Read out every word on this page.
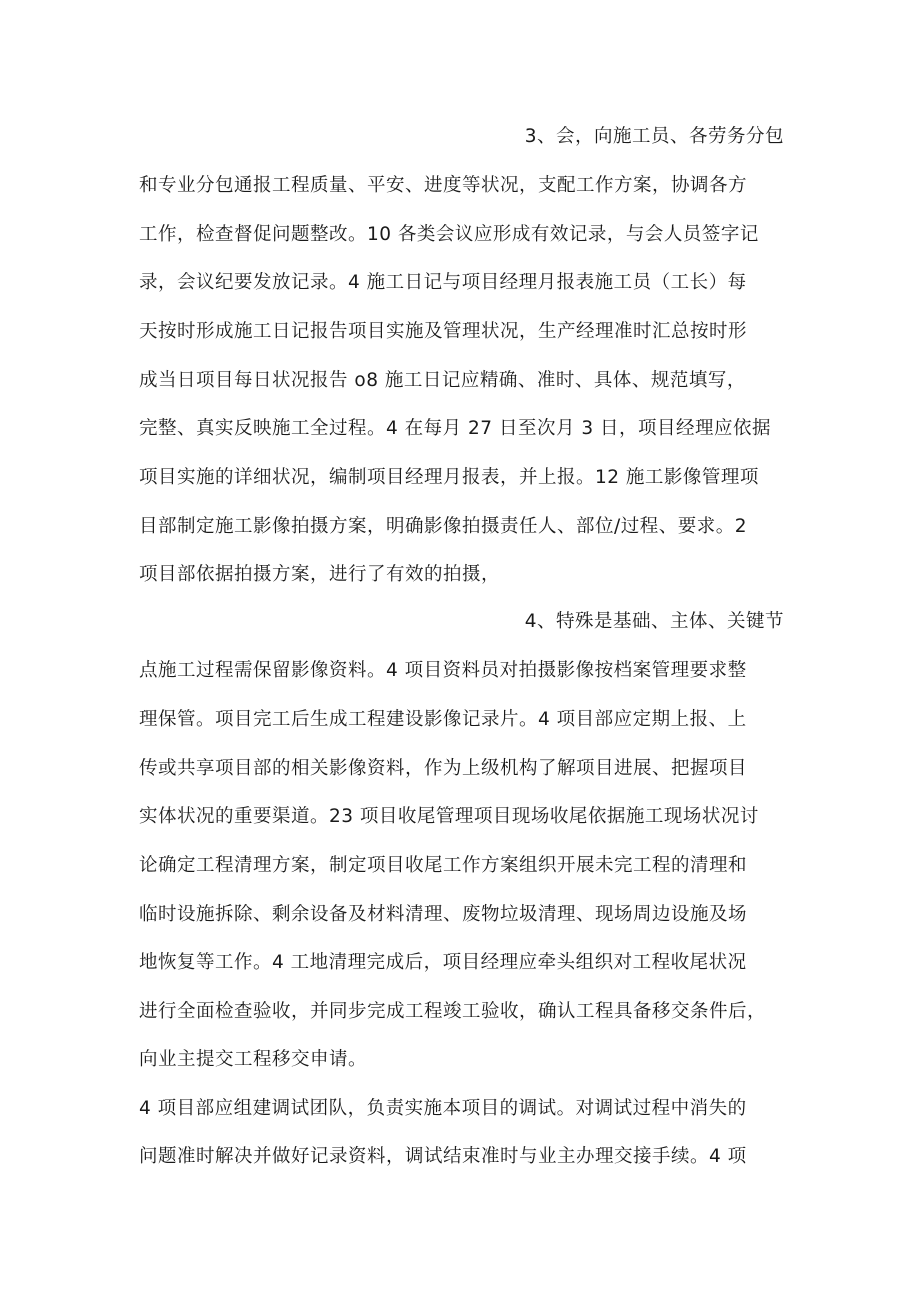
3、会，向施工员、各劳务分包
和专业分包通报工程质量、平安、进度等状况，支配工作方案，协调各方
工作，检查督促问题整改。10 各类会议应形成有效记录，与会人员签字记
录，会议纪要发放记录。4 施工日记与项目经理月报表施工员（工长）每
天按时形成施工日记报告项目实施及管理状况，生产经理准时汇总按时形
成当日项目每日状况报告 o8 施工日记应精确、准时、具体、规范填写，
完整、真实反映施工全过程。4 在每月 27 日至次月 3 日，项目经理应依据
项目实施的详细状况，编制项目经理月报表，并上报。12 施工影像管理项
目部制定施工影像拍摄方案，明确影像拍摄责任人、部位/过程、要求。2
项目部依据拍摄方案，进行了有效的拍摄，
4、特殊是基础、主体、关键节
点施工过程需保留影像资料。4 项目资料员对拍摄影像按档案管理要求整
理保管。项目完工后生成工程建设影像记录片。4 项目部应定期上报、上
传或共享项目部的相关影像资料，作为上级机构了解项目进展、把握项目
实体状况的重要渠道。23 项目收尾管理项目现场收尾依据施工现场状况讨
论确定工程清理方案，制定项目收尾工作方案组织开展未完工程的清理和
临时设施拆除、剩余设备及材料清理、废物垃圾清理、现场周边设施及场
地恢复等工作。4 工地清理完成后，项目经理应牵头组织对工程收尾状况
进行全面检查验收，并同步完成工程竣工验收，确认工程具备移交条件后，
向业主提交工程移交申请。
4 项目部应组建调试团队，负责实施本项目的调试。对调试过程中消失的
问题准时解决并做好记录资料，调试结束准时与业主办理交接手续。4 项
